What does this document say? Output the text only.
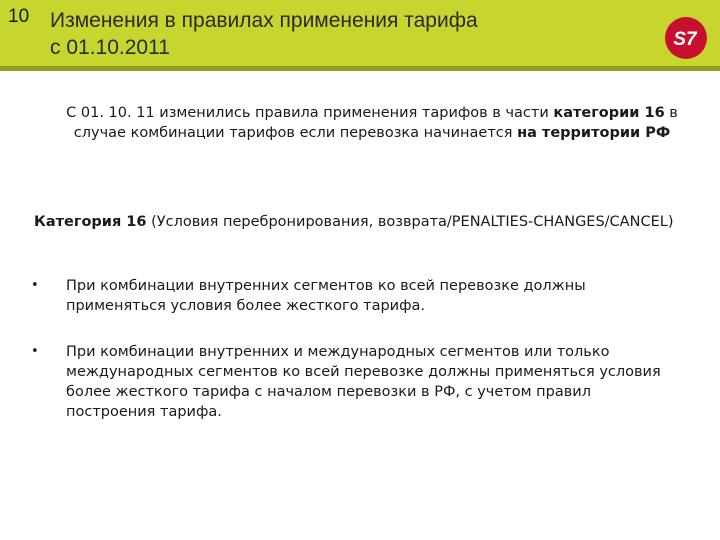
10 Изменения в правилах применения тарифа
с 01.10.2011	S7
С 01. 10. 11 изменились правила применения тарифов в части категории 16 в случае комбинации тарифов если перевозка начинается на территории РФ
Категория 16 (Условия перебронирования, возврата/PENALTIES-CHANGES/CANCEL)
• При комбинации внутренних сегментов ко всей перевозке должны применяться условия более жесткого тарифа.
• При комбинации внутренних и международных сегментов или только международных сегментов ко всей перевозке должны применяться условия более жесткого тарифа с началом перевозки в РФ, с учетом правил построения тарифа.
